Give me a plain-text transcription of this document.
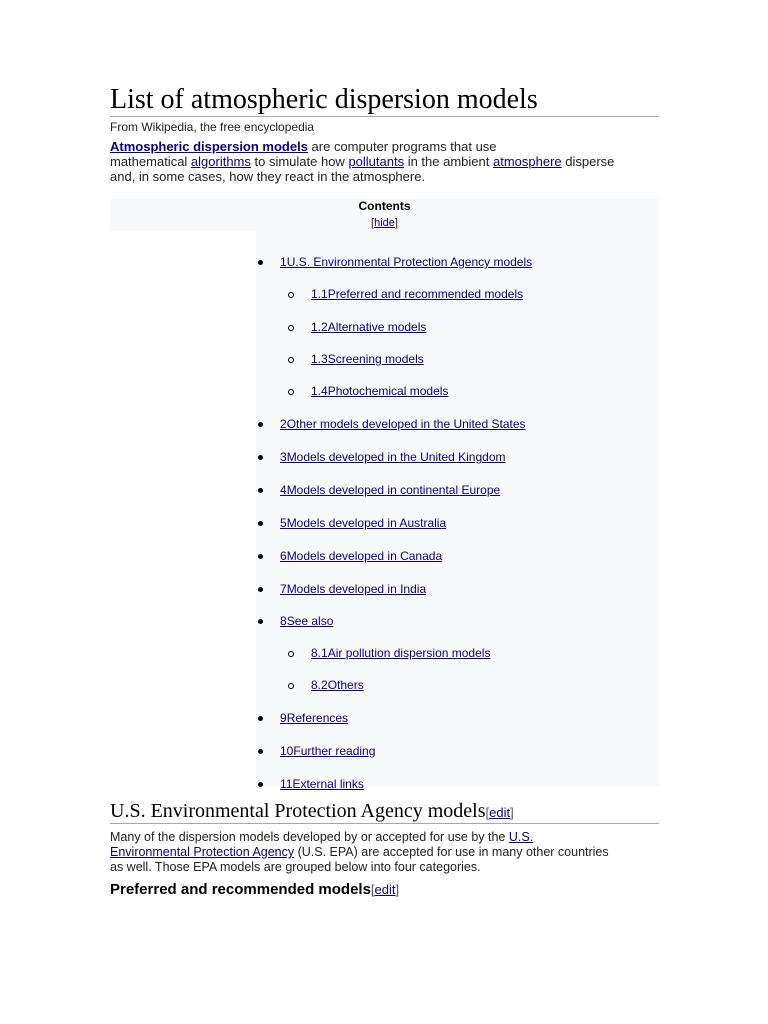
List of atmospheric dispersion models
From Wikipedia, the free encyclopedia
Atmospheric dispersion models are computer programs that use
mathematical algorithms to simulate how pollutants in the ambient atmosphere disperse
and, in some cases, how they react in the atmosphere.
Contents
[hide]
1U.S. Environmental Protection Agency models
1.1Preferred and recommended models
1.2Alternative models
1.3Screening models
1.4Photochemical models
2Other models developed in the United States
3Models developed in the United Kingdom
4Models developed in continental Europe
5Models developed in Australia
6Models developed in Canada
7Models developed in India
8See also
8.1Air pollution dispersion models
8.2Others
9References
10Further reading
11External links
U.S. Environmental Protection Agency models[edit]
Many of the dispersion models developed by or accepted for use by the U.S.
Environmental Protection Agency (U.S. EPA) are accepted for use in many other countries
as well. Those EPA models are grouped below into four categories.
Preferred and recommended models[edit]
